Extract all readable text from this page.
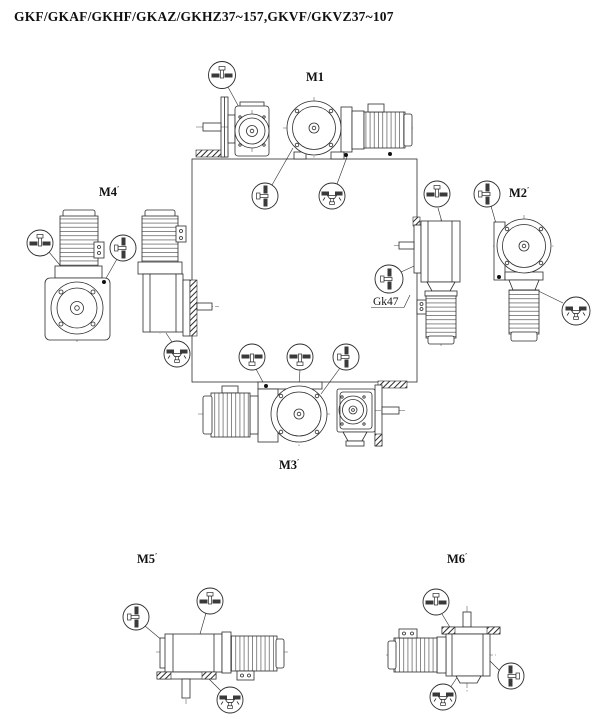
GKF/GKAF/GKHF/GKAZ/GKHZ37~157,GKVF/GKVZ37~107
M1
M2′
M3′
M4′
M5′	M6′
Gk47
